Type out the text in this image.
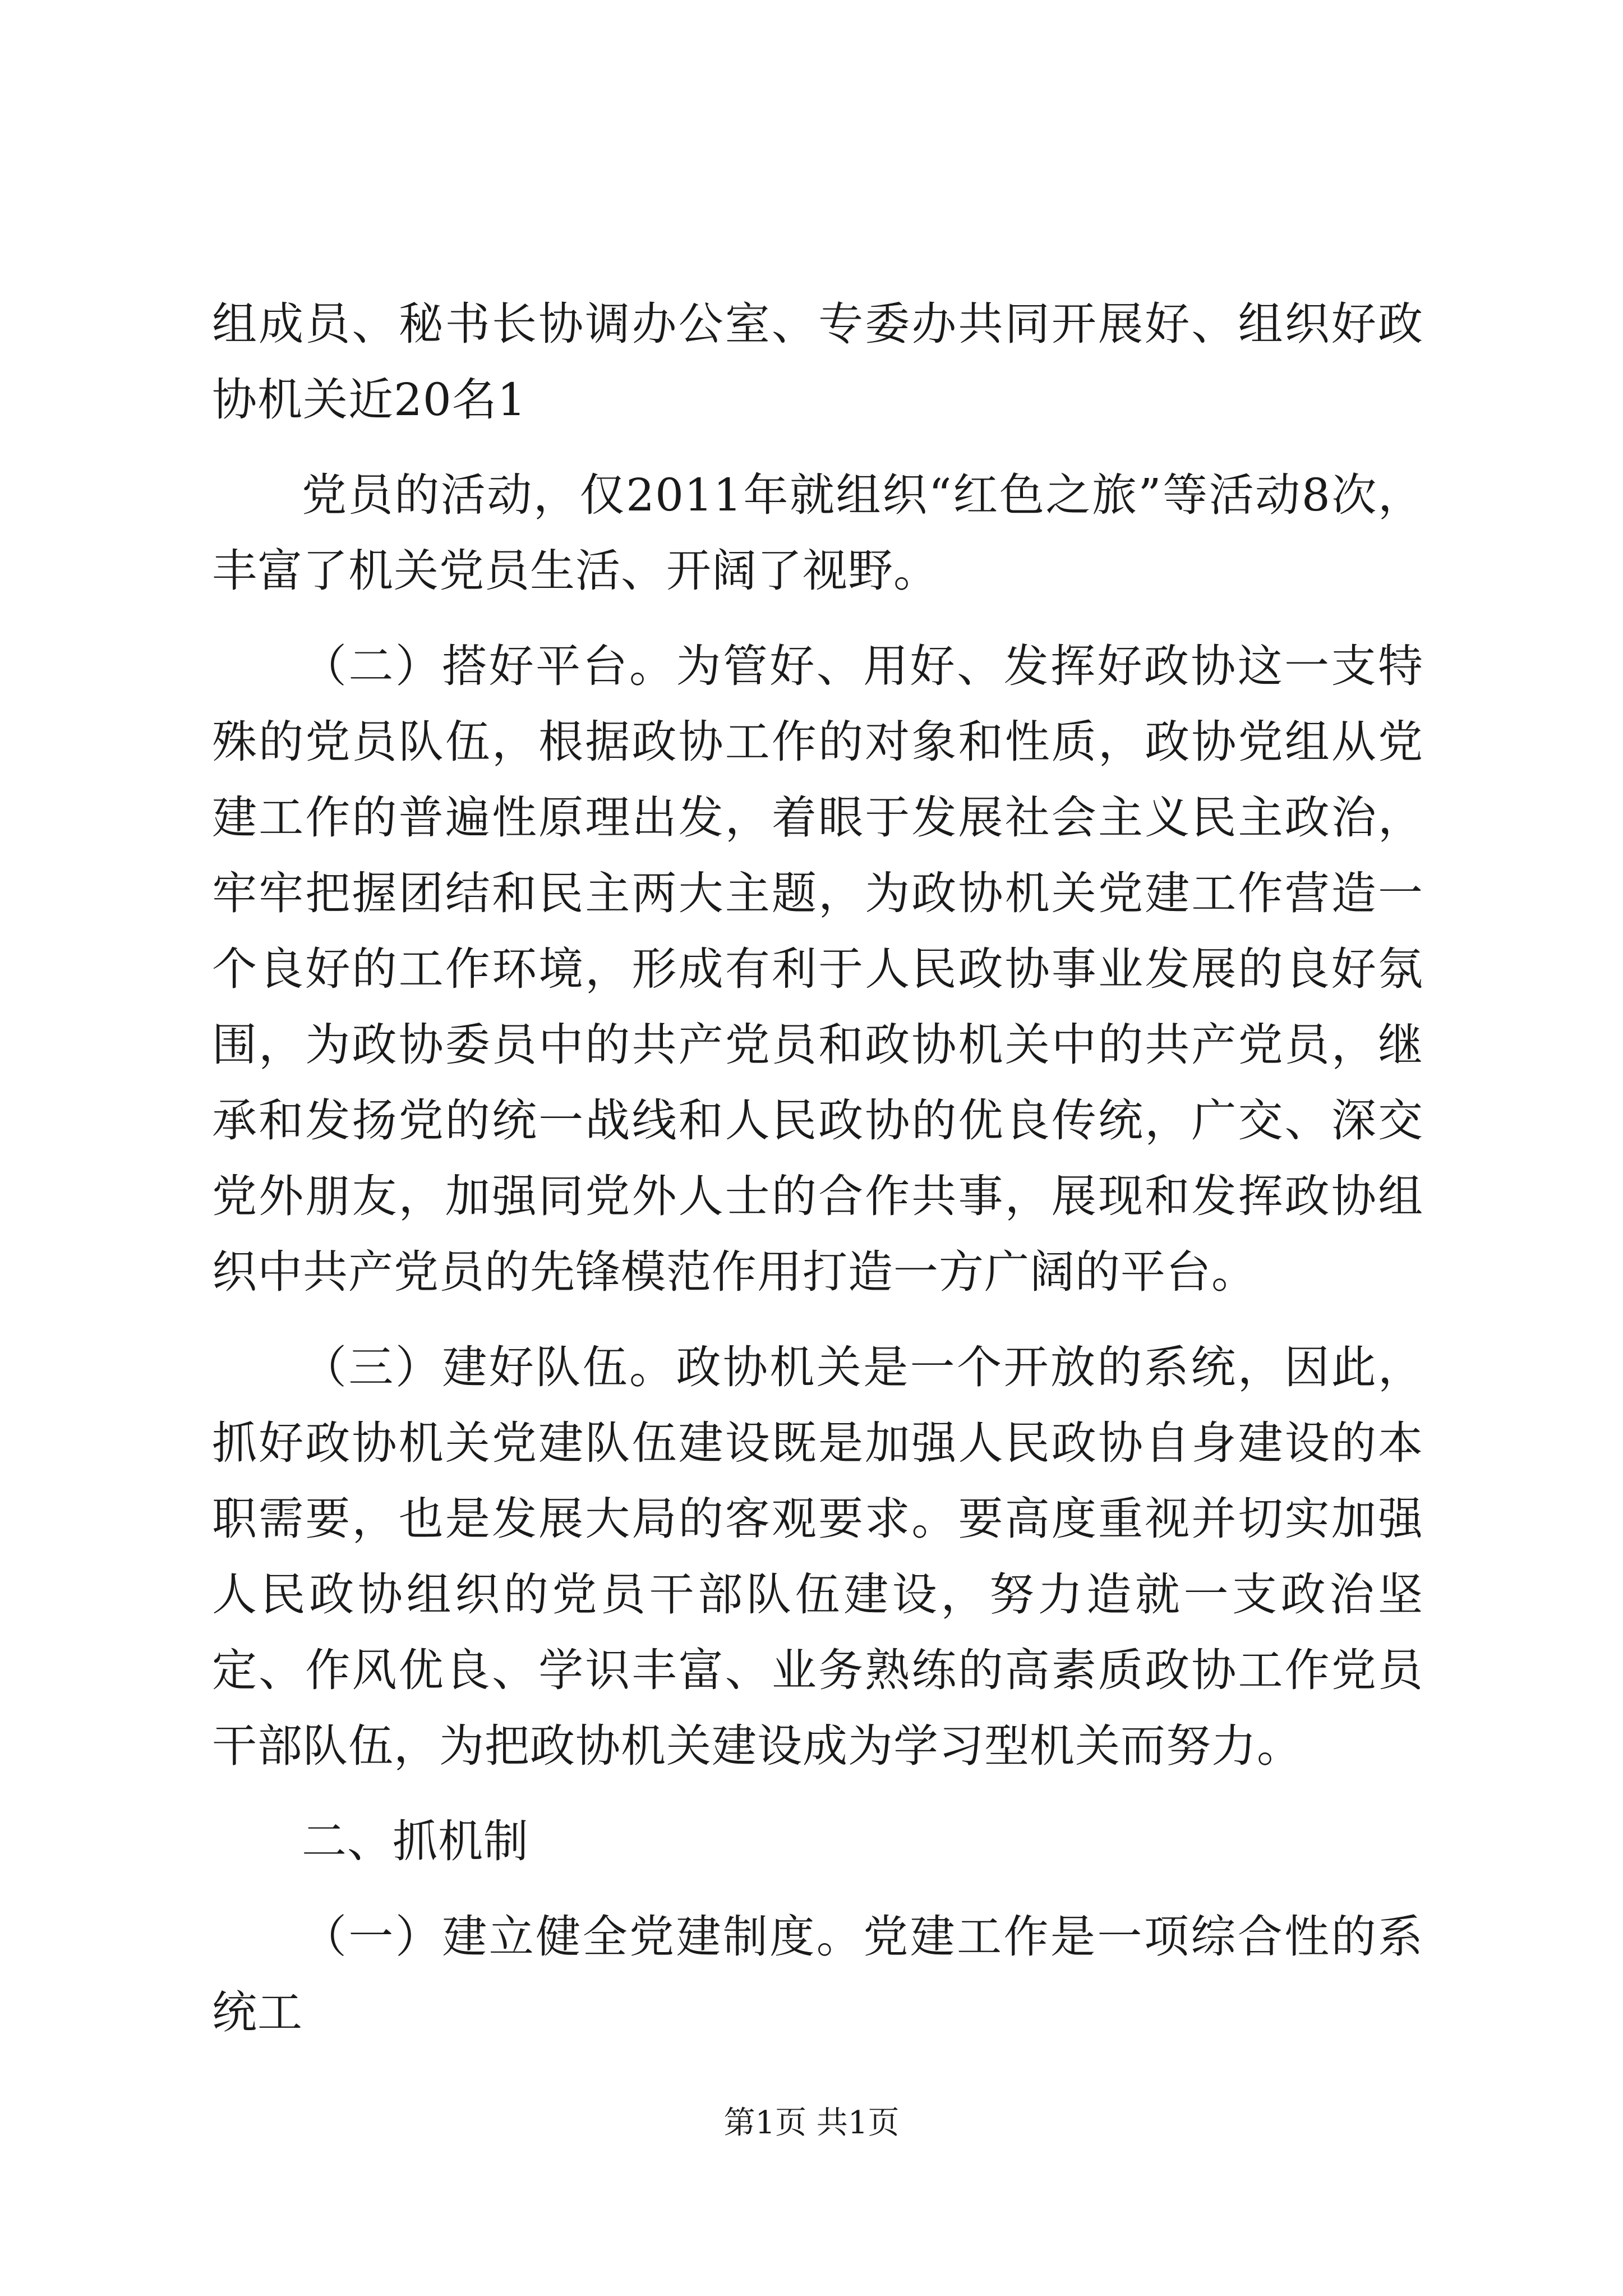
组成员、秘书长协调办公室、专委办共同开展好、组织好政协机关近20名1

党员的活动，仅2011年就组织“红色之旅”等活动8次，丰富了机关党员生活、开阔了视野。

（二）搭好平台。为管好、用好、发挥好政协这一支特殊的党员队伍，根据政协工作的对象和性质，政协党组从党建工作的普遍性原理出发，着眼于发展社会主义民主政治，牢牢把握团结和民主两大主题，为政协机关党建工作营造一个良好的工作环境，形成有利于人民政协事业发展的良好氛围，为政协委员中的共产党员和政协机关中的共产党员，继承和发扬党的统一战线和人民政协的优良传统，广交、深交党外朋友，加强同党外人士的合作共事，展现和发挥政协组织中共产党员的先锋模范作用打造一方广阔的平台。

（三）建好队伍。政协机关是一个开放的系统，因此，抓好政协机关党建队伍建设既是加强人民政协自身建设的本职需要，也是发展大局的客观要求。要高度重视并切实加强人民政协组织的党员干部队伍建设，努力造就一支政治坚定、作风优良、学识丰富、业务熟练的高素质政协工作党员干部队伍，为把政协机关建设成为学习型机关而努力。

二、抓机制

（一）建立健全党建制度。党建工作是一项综合性的系统工

第1页 共1页
